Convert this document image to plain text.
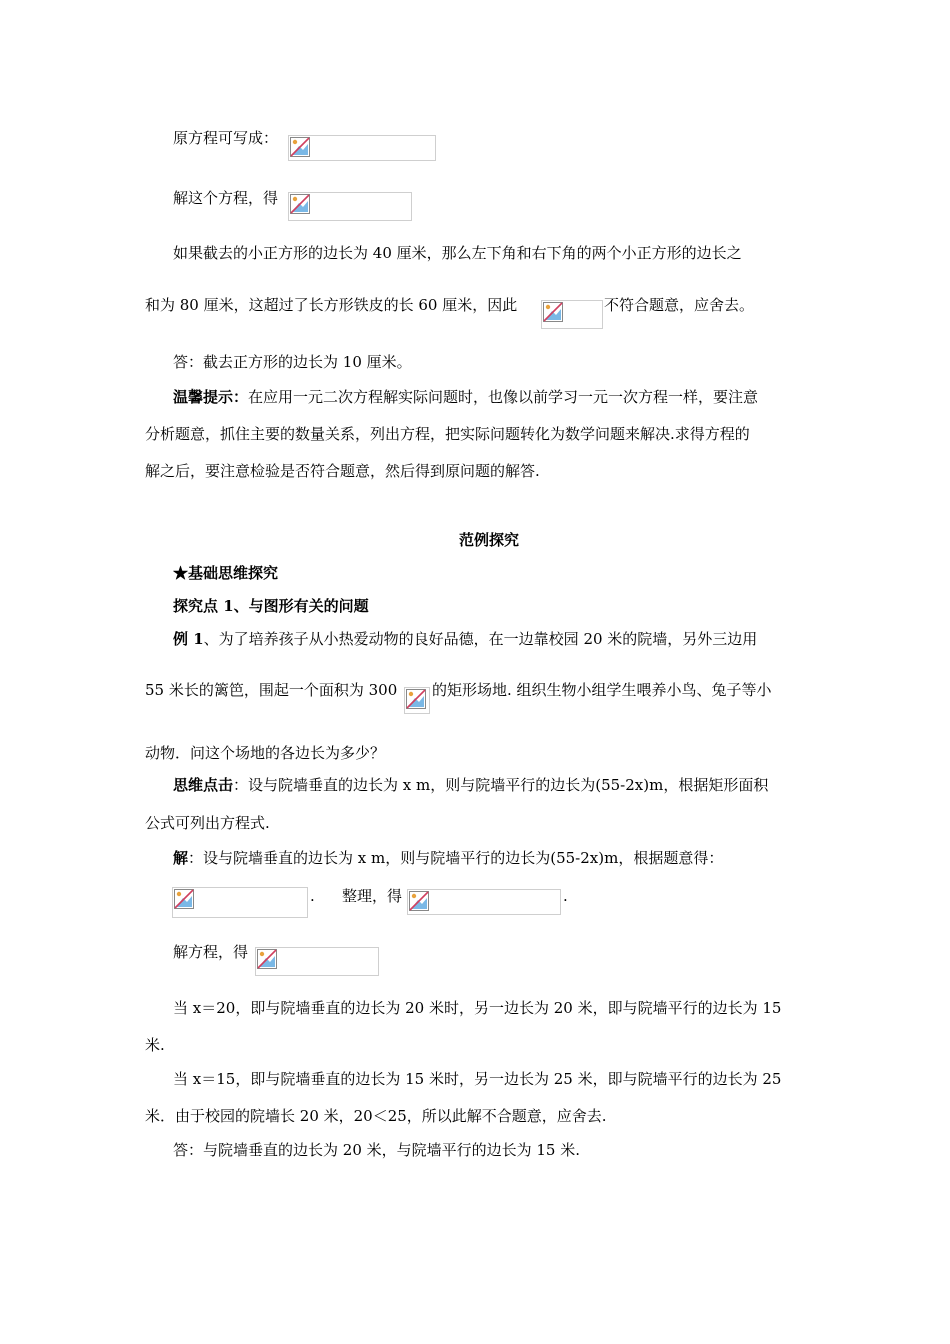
原方程可写成：
解这个方程，得
如果截去的小正方形的边长为 40 厘米，那么左下角和右下角的两个小正方形的边长之
和为 80 厘米，这超过了长方形铁皮的长 60 厘米，因此	不符合题意，应舍去。
答：截去正方形的边长为 10 厘米。
温馨提示：在应用一元二次方程解实际问题时，也像以前学习一元一次方程一样，要注意
分析题意，抓住主要的数量关系，列出方程，把实际问题转化为数学问题来解决.求得方程的
解之后，要注意检验是否符合题意，然后得到原问题的解答.
范例探究
★基础思维探究
探究点 1、与图形有关的问题
例 1、为了培养孩子从小热爱动物的良好品德，在一边靠校园 20 米的院墙，另外三边用
55 米长的篱笆，围起一个面积为 300 的矩形场地. 组织生物小组学生喂养小鸟、兔子等小
动物．问这个场地的各边长为多少？
思维点击：设与院墙垂直的边长为 x m，则与院墙平行的边长为(55-2x)m，根据矩形面积
公式可列出方程式.
解：设与院墙垂直的边长为 x m，则与院墙平行的边长为(55-2x)m，根据题意得：
. 整理，得	.
解方程，得
当 x＝20，即与院墙垂直的边长为 20 米时，另一边长为 20 米，即与院墙平行的边长为 15
米.
当 x＝15，即与院墙垂直的边长为 15 米时，另一边长为 25 米，即与院墙平行的边长为 25
米．由于校园的院墙长 20 米，20＜25，所以此解不合题意，应舍去.
答：与院墙垂直的边长为 20 米，与院墙平行的边长为 15 米.
